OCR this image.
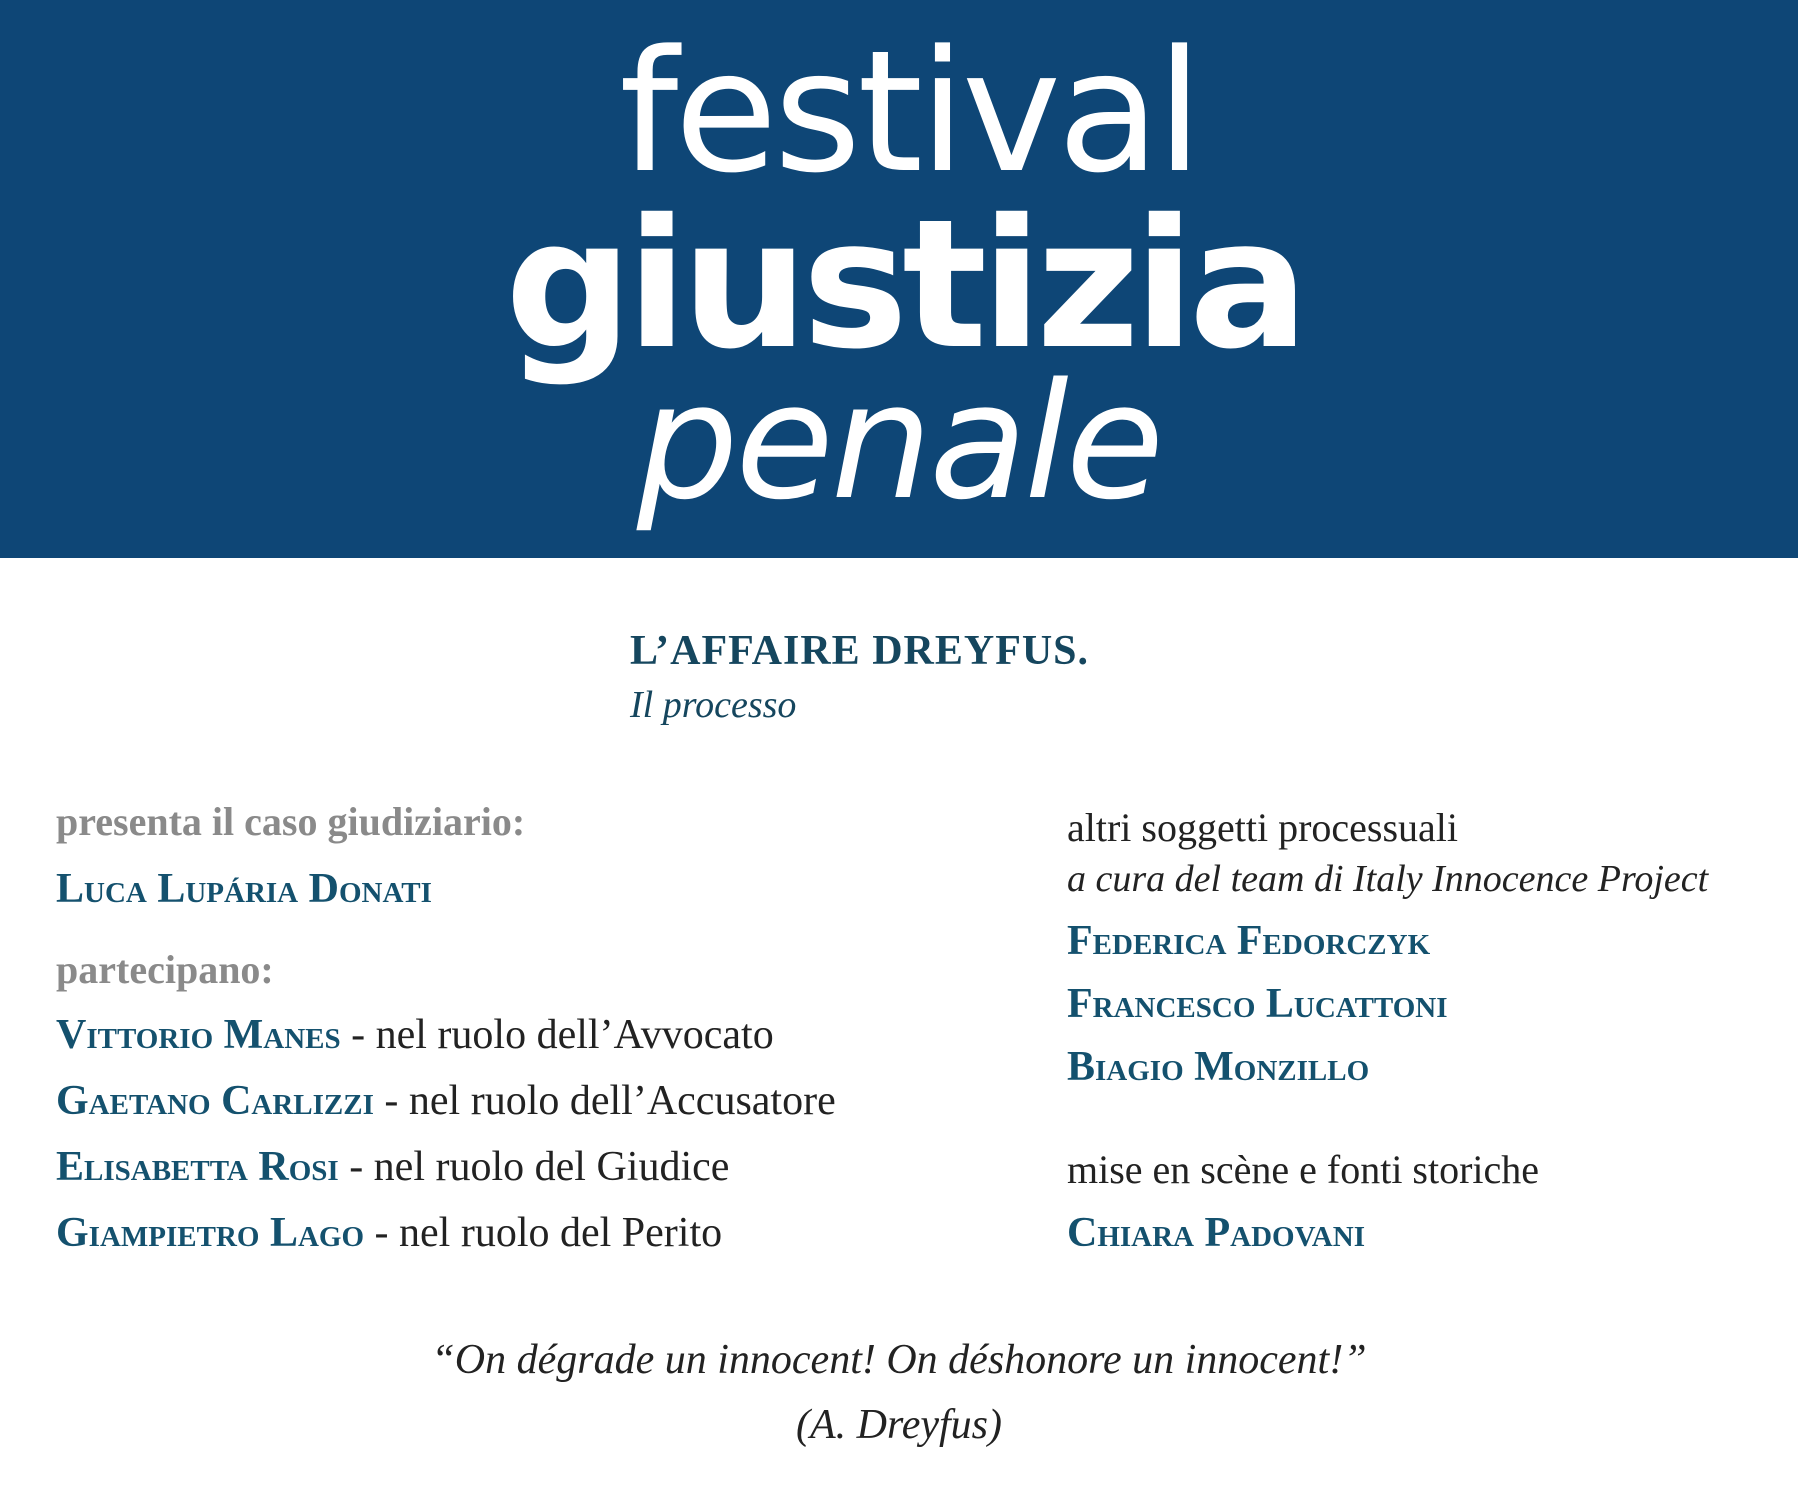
festival
giustizia
penale
L’AFFAIRE DREYFUS.
Il processo
presenta il caso giudiziario:
Luca Lupária Donati
partecipano:
Vittorio Manes - nel ruolo dell’Avvocato
Gaetano Carlizzi - nel ruolo dell’Accusatore
Elisabetta Rosi - nel ruolo del Giudice
Giampietro Lago - nel ruolo del Perito
altri soggetti processuali
a cura del team di Italy Innocence Project
Federica Fedorczyk
Francesco Lucattoni
Biagio Monzillo
mise en scène e fonti storiche
Chiara Padovani
“On dégrade un innocent! On déshonore un innocent!”
(A. Dreyfus)
